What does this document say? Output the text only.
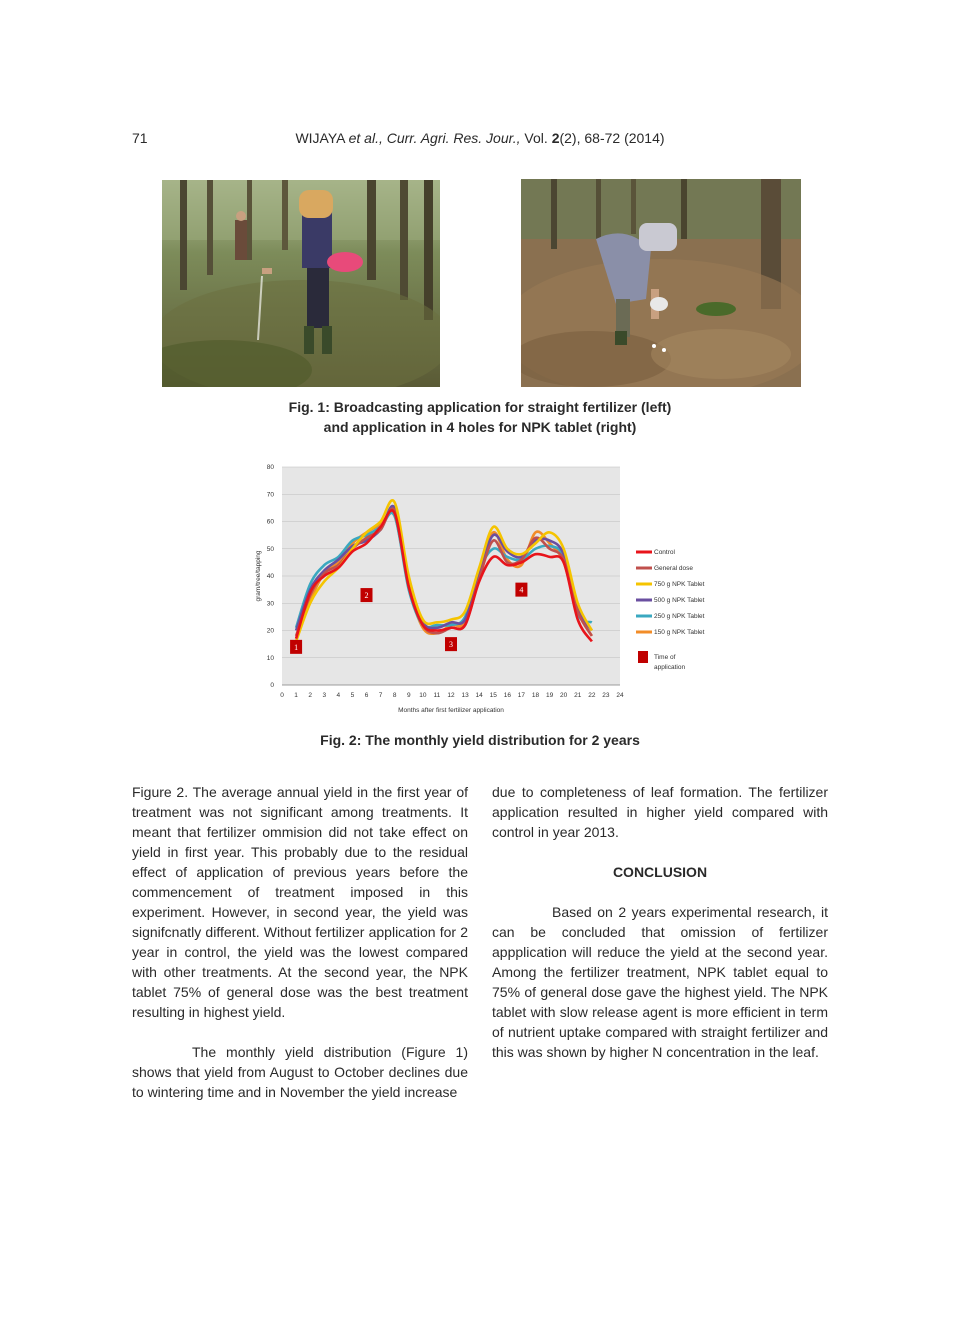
71	WIJAYA et al., Curr. Agri. Res. Jour., Vol. 2(2), 68-72 (2014)
Fig. 1: Broadcasting application for straight fertilizer (left)
and application in 4 holes for NPK tablet (right)
0
10
20
30
40
50
60
70
80
0 1 2 3 4 5 6 7 8 9 10 11 12 13 14 15 16 17 18 19 20 21 22 23 24
1
2
3
4
Control
General dose
750 g NPK Tablet
500 g NPK Tablet
250 g NPK Tablet
150 g NPK Tablet
Time of
application
Months after first fertilizer application
gram/tree/tapping
Fig. 2: The monthly yield distribution for 2 years

Figure 2. The average annual yield in the first year of treatment was not significant among treatments. It meant that fertilizer ommision did not take effect on yield in first year. This probably due to the residual effect of application of previous years before the commencement of treatment imposed in this experiment. However, in second year, the yield was signifcnatly different. Without fertilizer application for 2 year in control, the yield was the lowest compared with other treatments. At the second year, the NPK tablet 75% of general dose was the best treatment resulting in highest yield.

The monthly yield distribution (Figure 1) shows that yield from August to October declines due to wintering time and in November the yield increase

due to completeness of leaf formation. The fertilizer application resulted in higher yield compared with control in year 2013.

CONCLUSION

Based on 2 years experimental research, it can be concluded that omission of fertilizer appplication will reduce the yield at the second year. Among the fertilizer treatment, NPK tablet equal to 75% of general dose gave the highest yield. The NPK tablet with slow release agent is more efficient in term of nutrient uptake compared with straight fertilizer and this was shown by higher N concentration in the leaf.
